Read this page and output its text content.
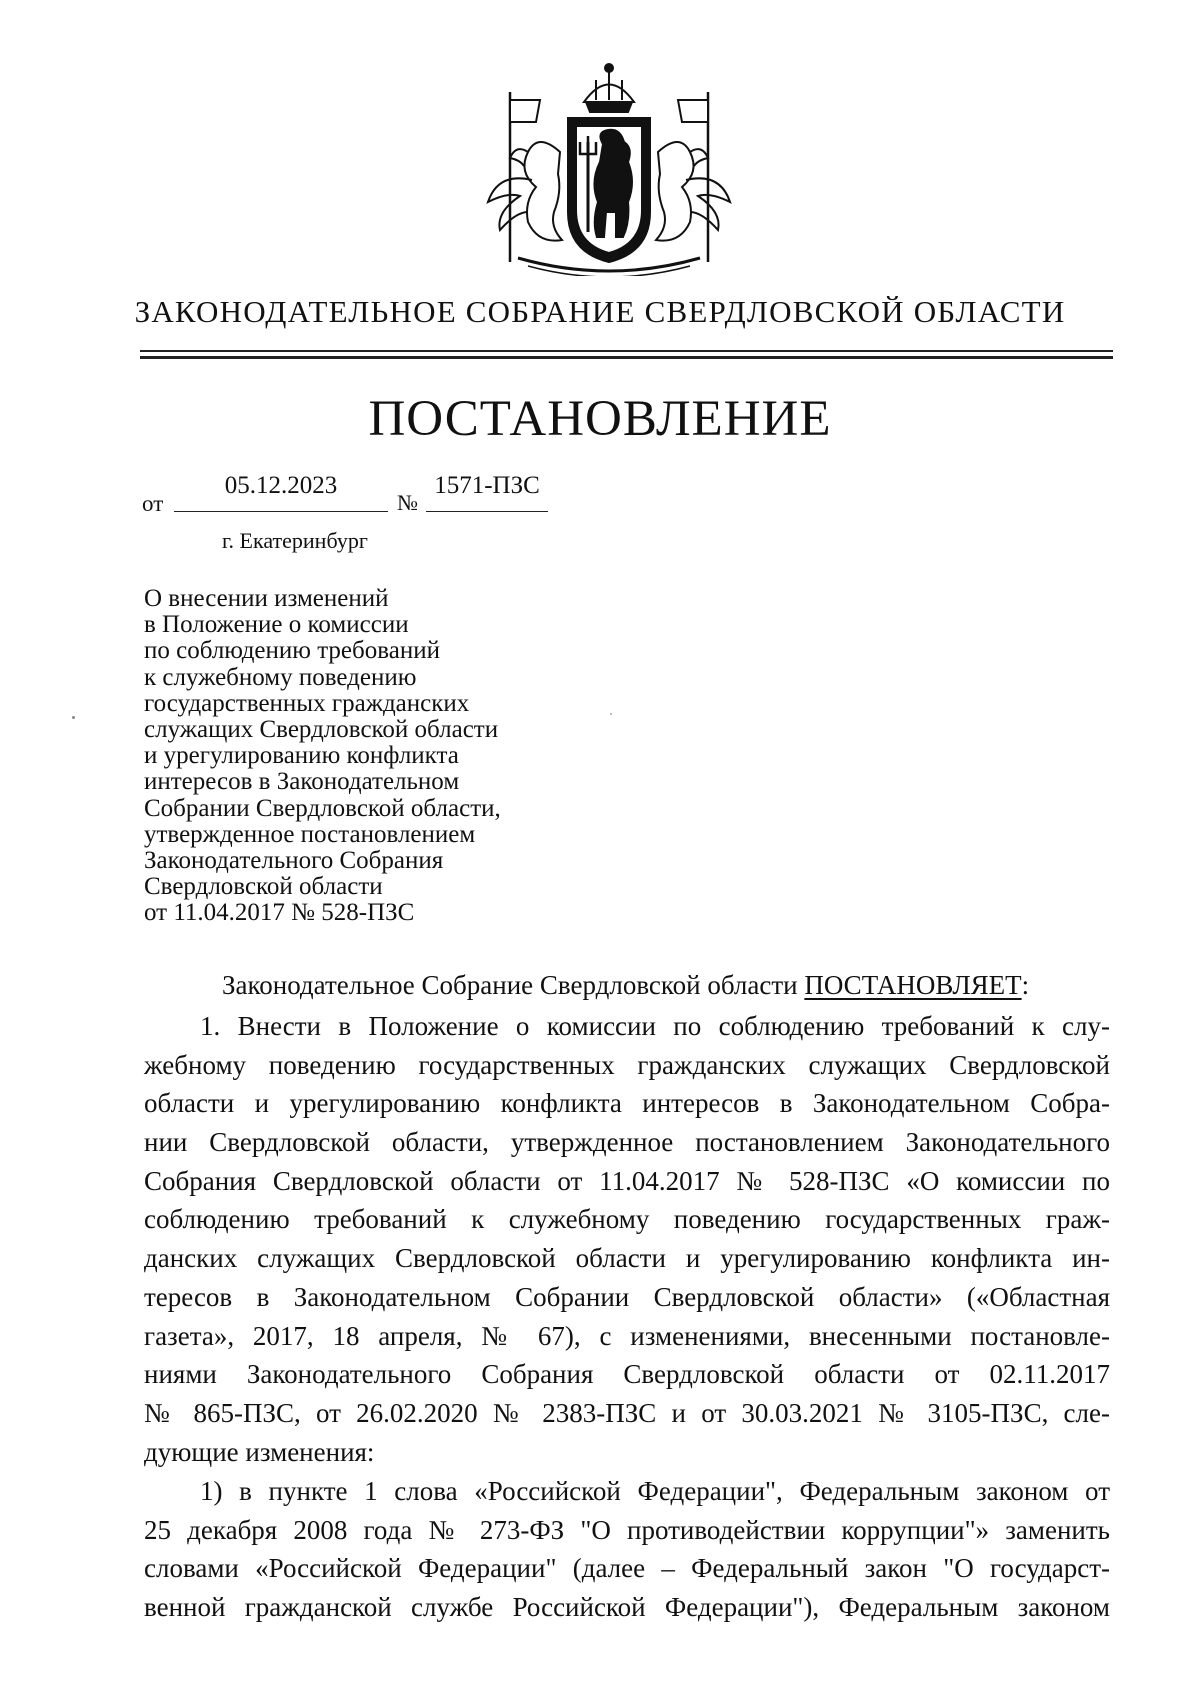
ЗАКОНОДАТЕЛЬНОЕ СОБРАНИЕ СВЕРДЛОВСКОЙ ОБЛАСТИ
ПОСТАНОВЛЕНИЕ
от
05.12.2023
№
1571-ПЗС
г. Екатеринбург
О внесении изменений
в Положение о комиссии
по соблюдению требований
к служебному поведению
государственных гражданских
служащих Свердловской области
и урегулированию конфликта
интересов в Законодательном
Собрании Свердловской области,
утвержденное постановлением
Законодательного Собрания
Свердловской области
от 11.04.2017 № 528-ПЗС
Законодательное Собрание Свердловской области ПОСТАНОВЛЯЕТ:
1. Внести в Положение о комиссии по соблюдению требований к слу-
жебному поведению государственных гражданских служащих Свердловской
области и урегулированию конфликта интересов в Законодательном Собра-
нии Свердловской области, утвержденное постановлением Законодательного
Собрания Свердловской области от 11.04.2017 № 528-ПЗС «О комиссии по
соблюдению требований к служебному поведению государственных граж-
данских служащих Свердловской области и урегулированию конфликта ин-
тересов в Законодательном Собрании Свердловской области» («Областная
газета», 2017, 18 апреля, № 67), с изменениями, внесенными постановле-
ниями Законодательного Собрания Свердловской области от 02.11.2017
№ 865-ПЗС, от 26.02.2020 № 2383-ПЗС и от 30.03.2021 № 3105-ПЗС, сле-
дующие изменения:
1) в пункте 1 слова «Российской Федерации", Федеральным законом от
25 декабря 2008 года № 273-ФЗ "О противодействии коррупции"» заменить
словами «Российской Федерации" (далее – Федеральный закон "О государст-
венной гражданской службе Российской Федерации"), Федеральным законом
